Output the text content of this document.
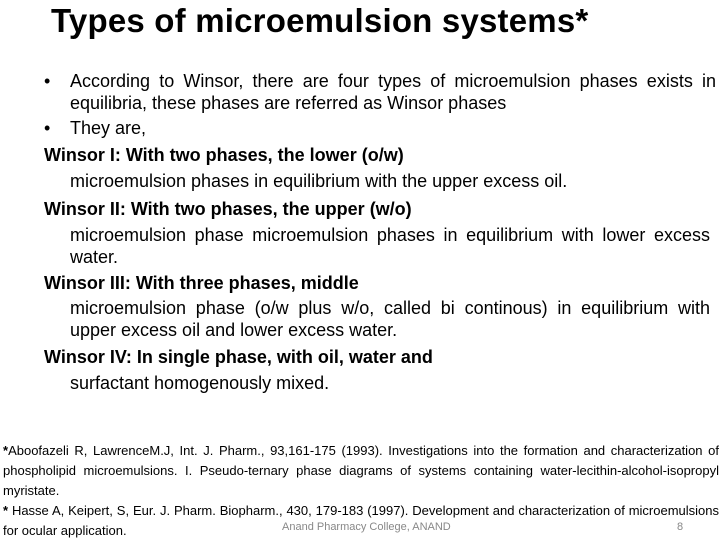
Types of microemulsion systems*
• According to Winsor, there are four types of microemulsion phases exists in equilibria, these phases are referred as Winsor phases
• They are,
Winsor I: With two phases, the lower (o/w)
microemulsion phases in equilibrium with the upper excess oil.
Winsor II: With two phases, the upper (w/o)
microemulsion phase microemulsion phases in equilibrium with lower excess water.
Winsor III: With three phases, middle
microemulsion phase (o/w plus w/o, called bi continous) in equilibrium with upper excess oil and lower excess water.
Winsor IV: In single phase, with oil, water and
surfactant homogenously mixed.
*Aboofazeli R, LawrenceM.J, Int. J. Pharm., 93,161-175 (1993). Investigations into the formation and characterization of phospholipid microemulsions. I. Pseudo-ternary phase diagrams of systems containing water-lecithin-alcohol-isopropyl myristate.
* Hasse A, Keipert, S, Eur. J. Pharm. Biopharm., 430, 179-183 (1997). Development and characterization of microemulsions for ocular application.	Anand Pharmacy College, ANAND	8
